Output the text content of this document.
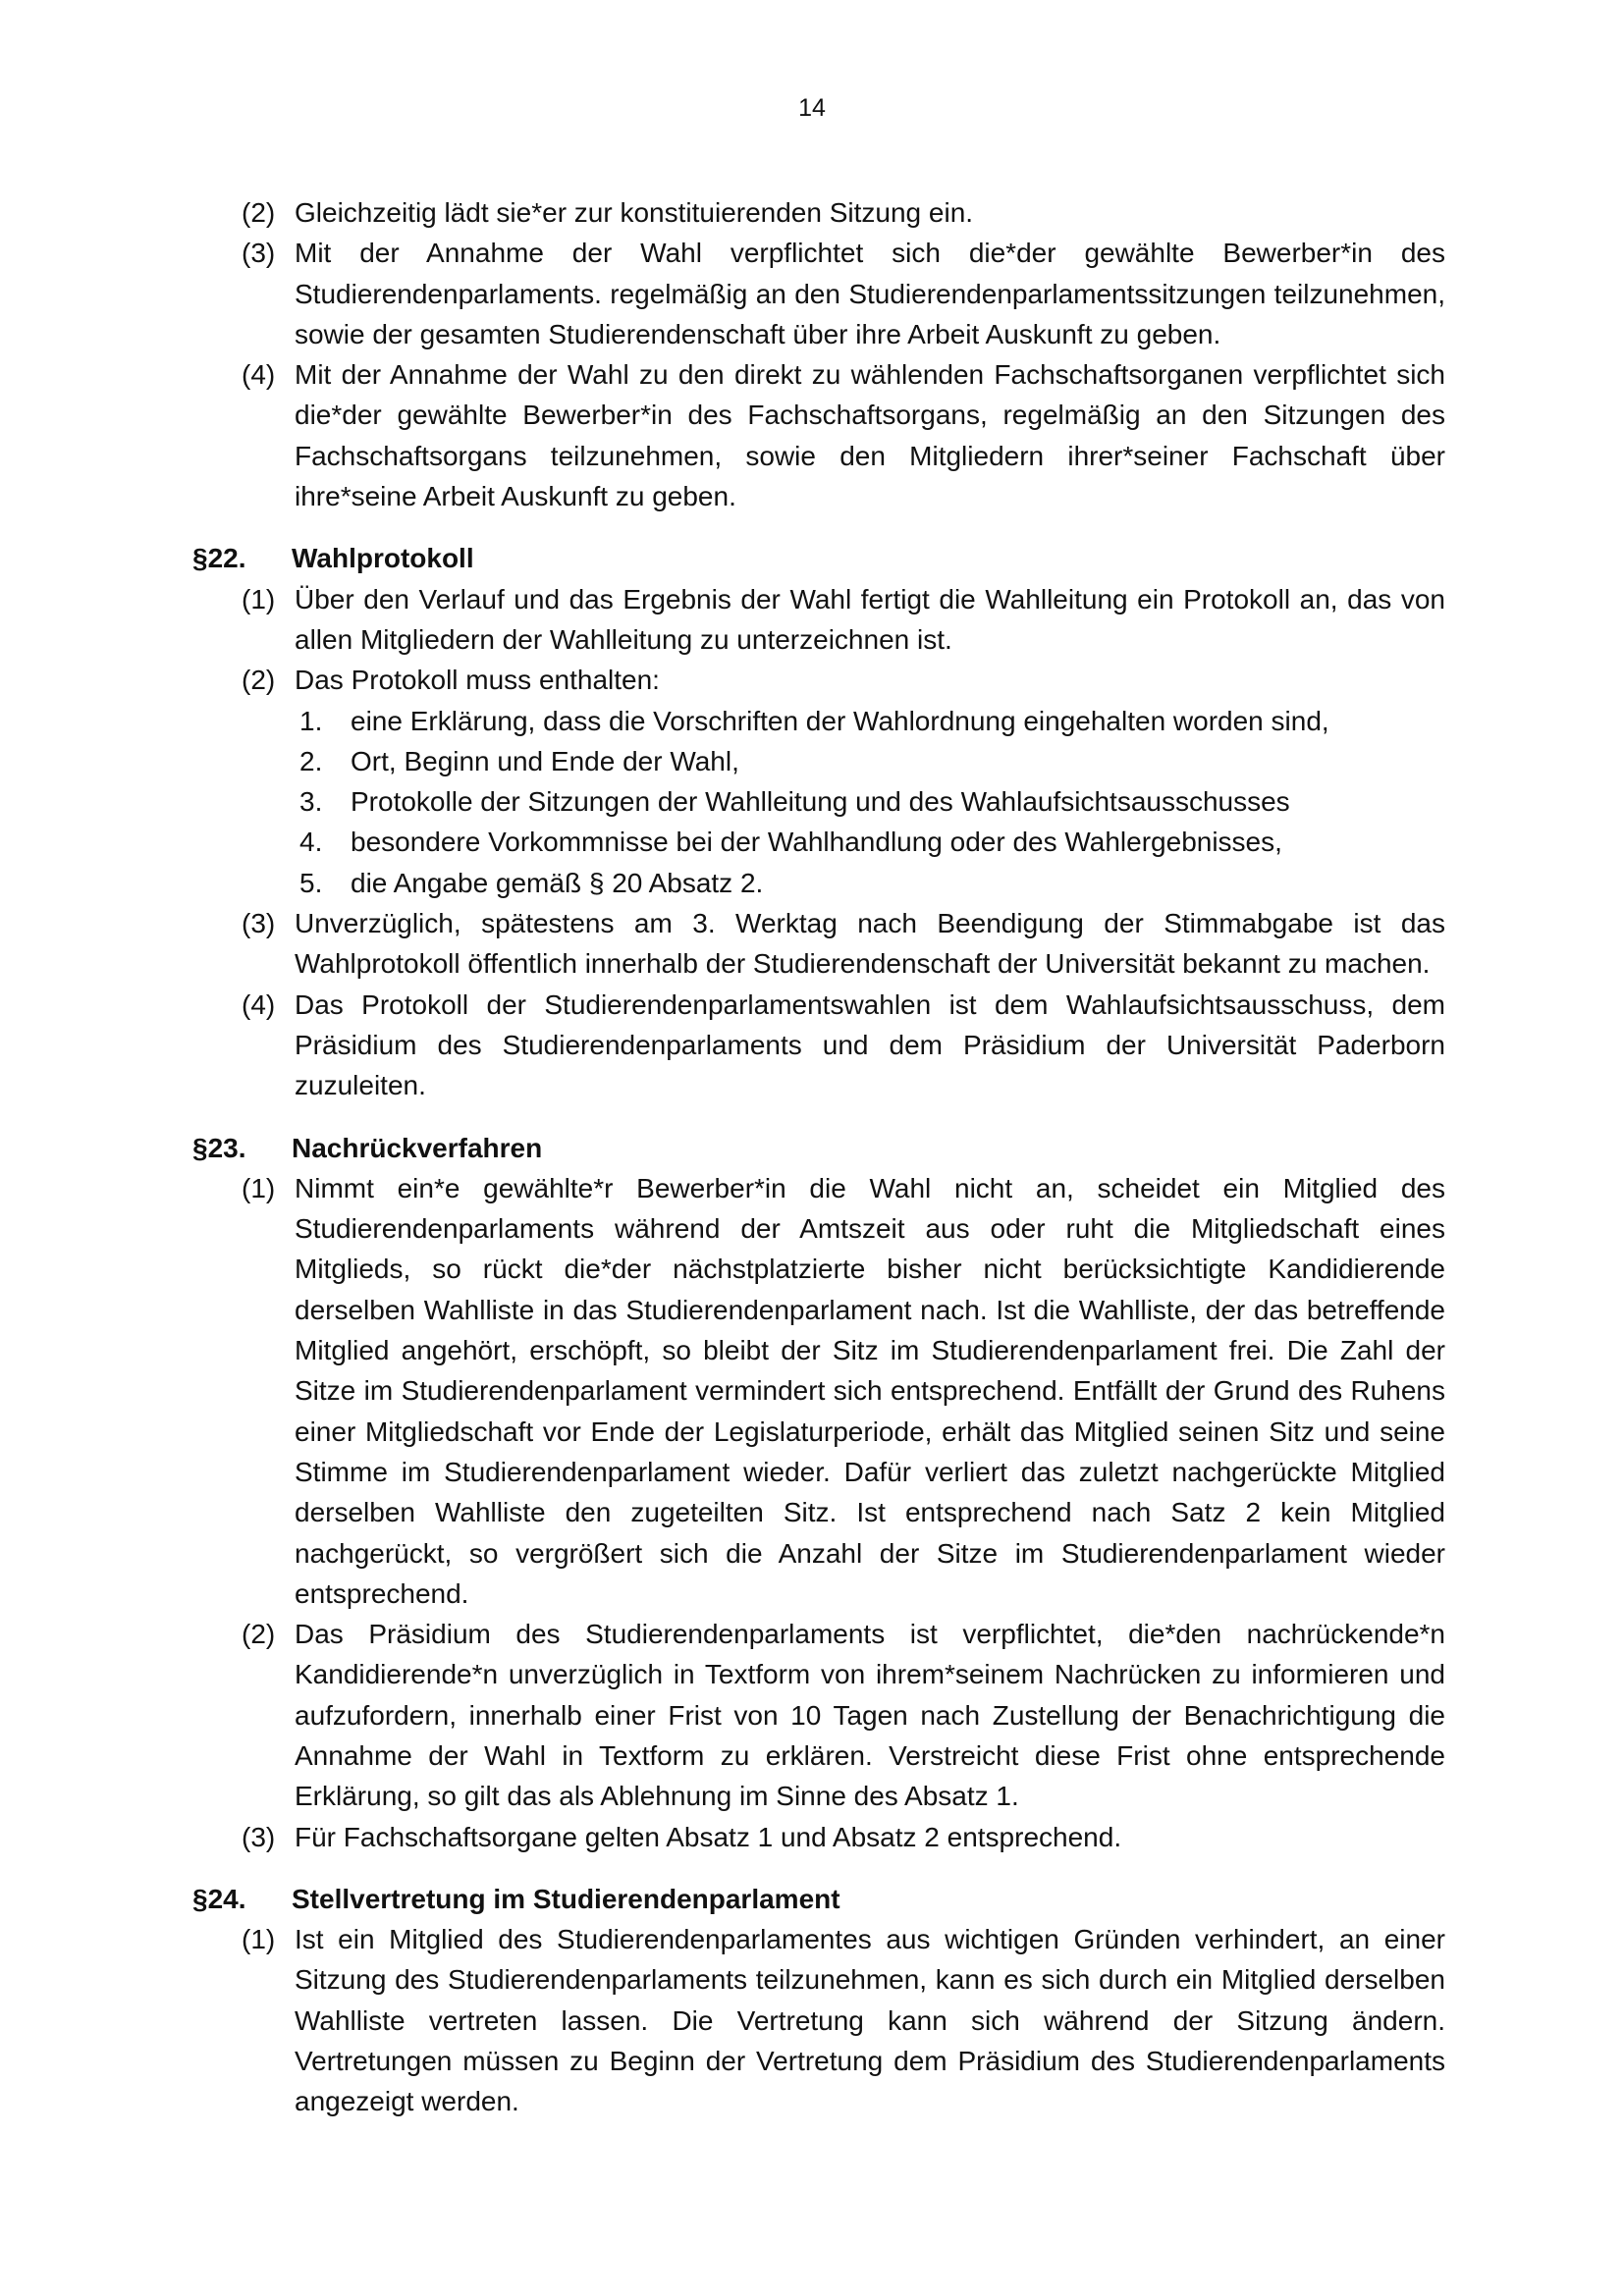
14
(2) Gleichzeitig lädt sie*er zur konstituierenden Sitzung ein.
(3) Mit der Annahme der Wahl verpflichtet sich die*der gewählte Bewerber*in des Studierendenparlaments. regelmäßig an den Studierendenparlamentssitzungen teilzunehmen, sowie der gesamten Studierendenschaft über ihre Arbeit Auskunft zu geben.
(4) Mit der Annahme der Wahl zu den direkt zu wählenden Fachschaftsorganen verpflichtet sich die*der gewählte Bewerber*in des Fachschaftsorgans, regelmäßig an den Sitzungen des Fachschaftsorgans teilzunehmen, sowie den Mitgliedern ihrer*seiner Fachschaft über ihre*seine Arbeit Auskunft zu geben.
§22. Wahlprotokoll
(1) Über den Verlauf und das Ergebnis der Wahl fertigt die Wahlleitung ein Protokoll an, das von allen Mitgliedern der Wahlleitung zu unterzeichnen ist.
(2) Das Protokoll muss enthalten:
1. eine Erklärung, dass die Vorschriften der Wahlordnung eingehalten worden sind,
2. Ort, Beginn und Ende der Wahl,
3. Protokolle der Sitzungen der Wahlleitung und des Wahlaufsichtsausschusses
4. besondere Vorkommnisse bei der Wahlhandlung oder des Wahlergebnisses,
5. die Angabe gemäß § 20 Absatz 2.
(3) Unverzüglich, spätestens am 3. Werktag nach Beendigung der Stimmabgabe ist das Wahlprotokoll öffentlich innerhalb der Studierendenschaft der Universität bekannt zu machen.
(4) Das Protokoll der Studierendenparlamentswahlen ist dem Wahlaufsichtsausschuss, dem Präsidium des Studierendenparlaments und dem Präsidium der Universität Paderborn zuzuleiten.
§23. Nachrückverfahren
(1) Nimmt ein*e gewählte*r Bewerber*in die Wahl nicht an, scheidet ein Mitglied des Studierendenparlaments während der Amtszeit aus oder ruht die Mitgliedschaft eines Mitglieds, so rückt die*der nächstplatzierte bisher nicht berücksichtigte Kandidierende derselben Wahlliste in das Studierendenparlament nach. Ist die Wahlliste, der das betreffende Mitglied angehört, erschöpft, so bleibt der Sitz im Studierendenparlament frei. Die Zahl der Sitze im Studierendenparlament vermindert sich entsprechend. Entfällt der Grund des Ruhens einer Mitgliedschaft vor Ende der Legislaturperiode, erhält das Mitglied seinen Sitz und seine Stimme im Studierendenparlament wieder. Dafür verliert das zuletzt nachgerückte Mitglied derselben Wahlliste den zugeteilten Sitz. Ist entsprechend nach Satz 2 kein Mitglied nachgerückt, so vergrößert sich die Anzahl der Sitze im Studierendenparlament wieder entsprechend.
(2) Das Präsidium des Studierendenparlaments ist verpflichtet, die*den nachrückende*n Kandidierende*n unverzüglich in Textform von ihrem*seinem Nachrücken zu informieren und aufzufordern, innerhalb einer Frist von 10 Tagen nach Zustellung der Benachrichtigung die Annahme der Wahl in Textform zu erklären. Verstreicht diese Frist ohne entsprechende Erklärung, so gilt das als Ablehnung im Sinne des Absatz 1.
(3) Für Fachschaftsorgane gelten Absatz 1 und Absatz 2 entsprechend.
§24. Stellvertretung im Studierendenparlament
(1) Ist ein Mitglied des Studierendenparlamentes aus wichtigen Gründen verhindert, an einer Sitzung des Studierendenparlaments teilzunehmen, kann es sich durch ein Mitglied derselben Wahlliste vertreten lassen. Die Vertretung kann sich während der Sitzung ändern. Vertretungen müssen zu Beginn der Vertretung dem Präsidium des Studierendenparlaments angezeigt werden.
